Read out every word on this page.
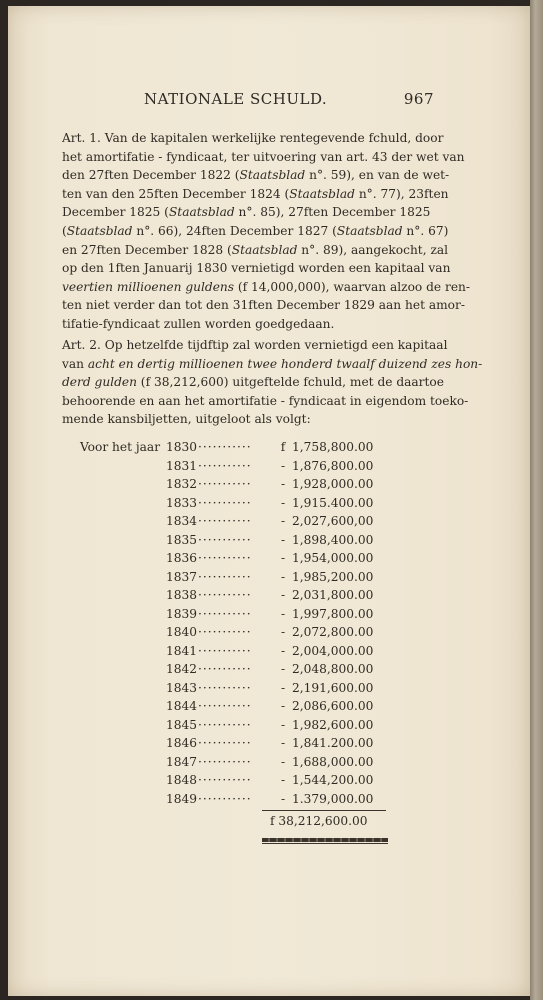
NATIONALE SCHULD.	967
Art. 1. Van de kapitalen werkelijke rentegevende fchuld, door
het amortifatie - fyndicaat, ter uitvoering van art. 43 der wet van
den 27ften December 1822 (Staatsblad n°. 59), en van de wet-
ten van den 25ften December 1824 (Staatsblad n°. 77), 23ften
December 1825 (Staatsblad n°. 85), 27ften December 1825
(Staatsblad n°. 66), 24ften December 1827 (Staatsblad n°. 67)
en 27ften December 1828 (Staatsblad n°. 89), aangekocht, zal
op den 1ften Januarij 1830 vernietigd worden een kapitaal van
veertien millioenen guldens (f 14,000,000), waarvan alzoo de ren-
ten niet verder dan tot den 31ften December 1829 aan het amor-
tifatie-fyndicaat zullen worden goedgedaan.
Art. 2. Op hetzelfde tijdftip zal worden vernietigd een kapitaal
van acht en dertig millioenen twee honderd twaalf duizend zes hon-
derd gulden (f 38,212,600) uitgeftelde fchuld, met de daartoe
behoorende en aan het amortifatie - fyndicaat in eigendom toeko-
mende kansbiljetten, uitgeloot als volgt:
Voor het jaar 1830 ···········	f 1,758,800.00
1831 ···········	- 1,876,800.00
1832 ···········	- 1,928,000.00
1833 ···········	- 1,915.400.00
1834 ···········	- 2,027,600,00
1835 ···········	- 1,898,400.00
1836 ···········	- 1,954,000.00
1837 ···········	- 1,985,200.00
1838 ···········	- 2,031,800.00
1839 ···········	- 1,997,800.00
1840 ···········	- 2,072,800.00
1841 ···········	- 2,004,000.00
1842 ···········	- 2,048,800.00
1843 ···········	- 2,191,600.00
1844 ···········	- 2,086,600.00
1845 ···········	- 1,982,600.00
1846 ···········	- 1,841.200.00
1847 ···········	- 1,688,000.00
1848 ···········	- 1,544,200.00
1849 ···········	- 1.379,000.00
f 38,212,600.00
